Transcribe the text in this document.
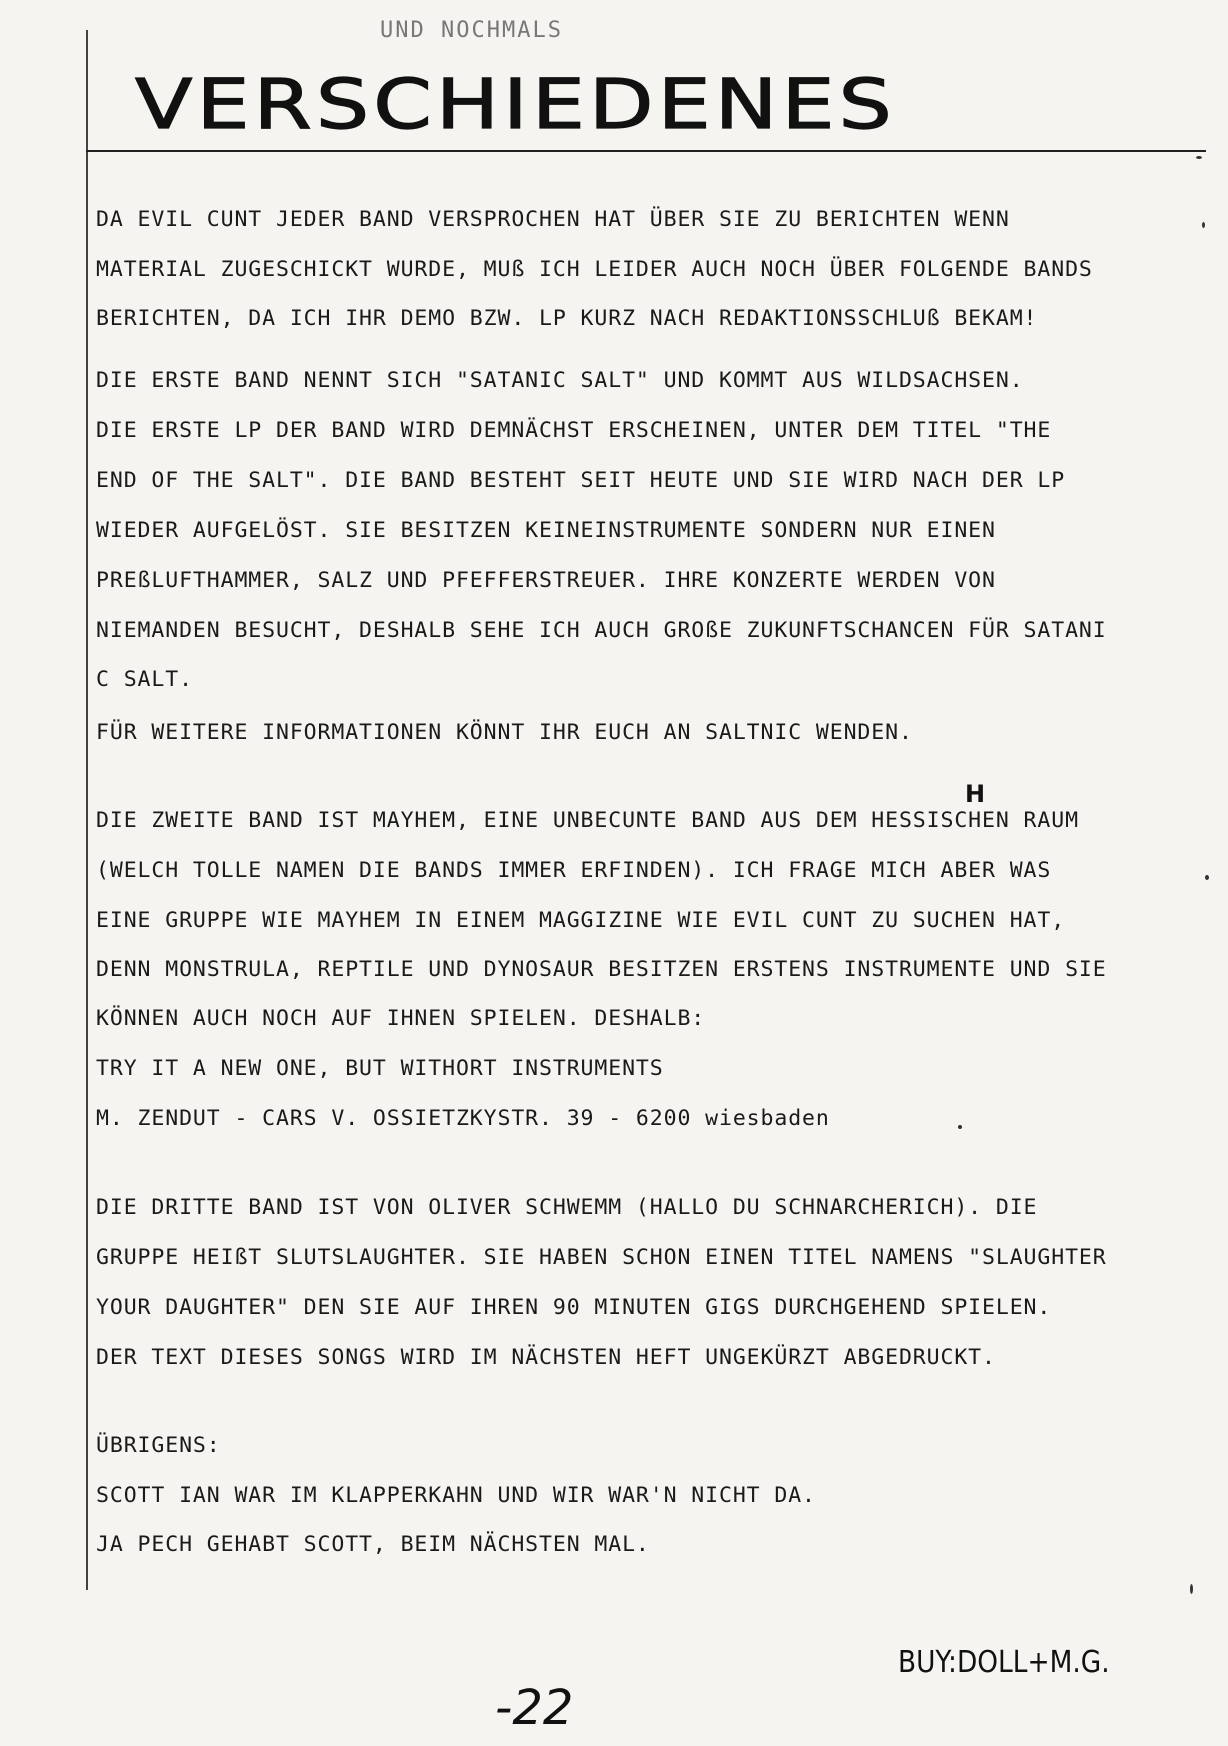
UND NOCHMALS
VERSCHIEDENES
DA EVIL CUNT JEDER BAND VERSPROCHEN HAT ÜBER SIE ZU BERICHTEN WENN
MATERIAL ZUGESCHICKT WURDE, MUß ICH LEIDER AUCH NOCH ÜBER FOLGENDE BANDS
BERICHTEN, DA ICH IHR DEMO BZW. LP KURZ NACH REDAKTIONSSCHLUß BEKAM!
DIE ERSTE BAND NENNT SICH "SATANIC SALT" UND KOMMT AUS WILDSACHSEN.
DIE ERSTE LP DER BAND WIRD DEMNÄCHST ERSCHEINEN, UNTER DEM TITEL "THE
END OF THE SALT". DIE BAND BESTEHT SEIT HEUTE UND SIE WIRD NACH DER LP
WIEDER AUFGELÖST. SIE BESITZEN KEINEINSTRUMENTE SONDERN NUR EINEN
PREßLUFTHAMMER, SALZ UND PFEFFERSTREUER. IHRE KONZERTE WERDEN VON
NIEMANDEN BESUCHT, DESHALB SEHE ICH AUCH GROßE ZUKUNFTSCHANCEN FÜR SATANI
C SALT.
FÜR WEITERE INFORMATIONEN KÖNNT IHR EUCH AN SALTNIC WENDEN.
DIE ZWEITE BAND IST MAYHEM, EINE UNBECUNTE BAND AUS DEM HESSISCHEN RAUM
(WELCH TOLLE NAMEN DIE BANDS IMMER ERFINDEN). ICH FRAGE MICH ABER WAS
EINE GRUPPE WIE MAYHEM IN EINEM MAGGIZINE WIE EVIL CUNT ZU SUCHEN HAT,
DENN MONSTRULA, REPTILE UND DYNOSAUR BESITZEN ERSTENS INSTRUMENTE UND SIE
KÖNNEN AUCH NOCH AUF IHNEN SPIELEN. DESHALB:
TRY IT A NEW ONE, BUT WITHORT INSTRUMENTS
M. ZENDUT - CARS V. OSSIETZKYSTR. 39 - 6200 wiesbaden
DIE DRITTE BAND IST VON OLIVER SCHWEMM (HALLO DU SCHNARCHERICH). DIE
GRUPPE HEIßT SLUTSLAUGHTER. SIE HABEN SCHON EINEN TITEL NAMENS "SLAUGHTER
YOUR DAUGHTER" DEN SIE AUF IHREN 90 MINUTEN GIGS DURCHGEHEND SPIELEN.
DER TEXT DIESES SONGS WIRD IM NÄCHSTEN HEFT UNGEKÜRZT ABGEDRUCKT.
ÜBRIGENS:
SCOTT IAN WAR IM KLAPPERKAHN UND WIR WAR'N NICHT DA.
JA PECH GEHABT SCOTT, BEIM NÄCHSTEN MAL.
H
-22
BUY:DOLL+M.G.
